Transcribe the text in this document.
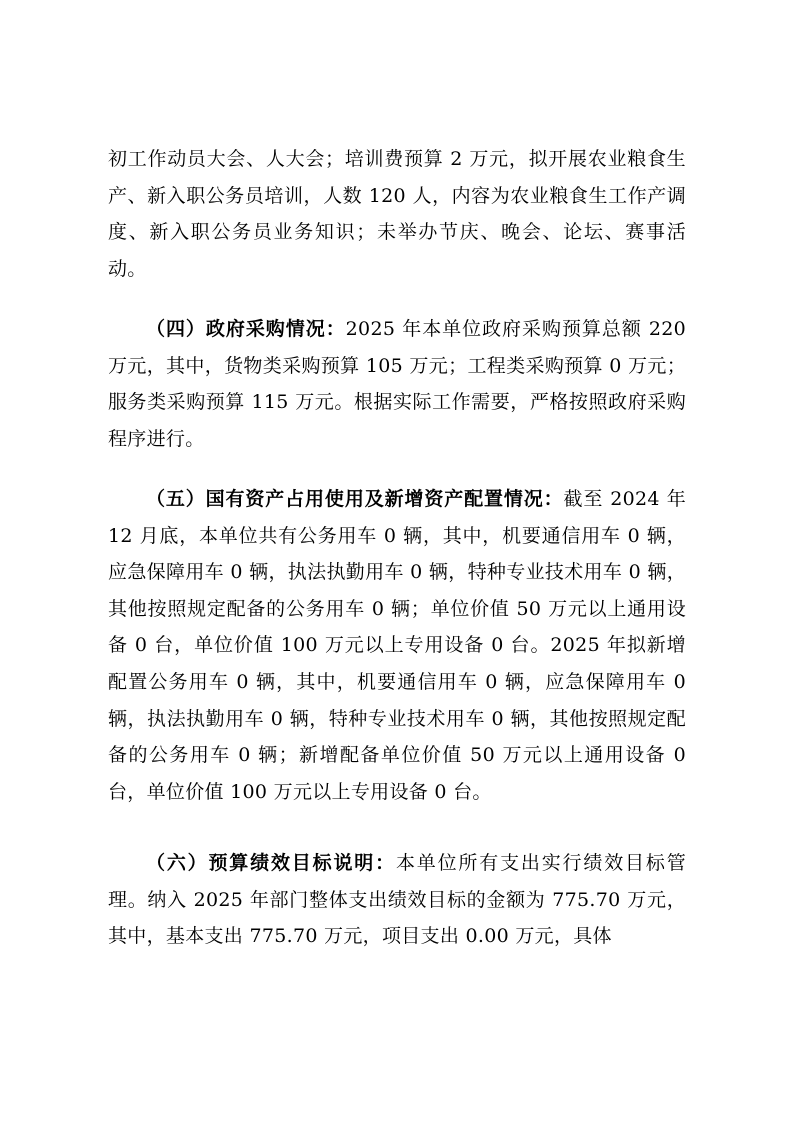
初工作动员大会、人大会；培训费预算 2 万元，拟开展农业粮食生产、新入职公务员培训，人数 120 人，内容为农业粮食生工作产调度、新入职公务员业务知识；未举办节庆、晚会、论坛、赛事活动。

（四）政府采购情况：2025 年本单位政府采购预算总额 220 万元，其中，货物类采购预算 105 万元；工程类采购预算 0 万元；服务类采购预算 115 万元。根据实际工作需要，严格按照政府采购程序进行。

（五）国有资产占用使用及新增资产配置情况：截至 2024 年 12 月底，本单位共有公务用车 0 辆，其中，机要通信用车 0 辆，应急保障用车 0 辆，执法执勤用车 0 辆，特种专业技术用车 0 辆，其他按照规定配备的公务用车 0 辆；单位价值 50 万元以上通用设备 0 台，单位价值 100 万元以上专用设备 0 台。2025 年拟新增配置公务用车 0 辆，其中，机要通信用车 0 辆，应急保障用车 0 辆，执法执勤用车 0 辆，特种专业技术用车 0 辆，其他按照规定配备的公务用车 0 辆；新增配备单位价值 50 万元以上通用设备 0 台，单位价值 100 万元以上专用设备 0 台。

（六）预算绩效目标说明：本单位所有支出实行绩效目标管理。纳入 2025 年部门整体支出绩效目标的金额为 775.70 万元，其中，基本支出 775.70 万元，项目支出 0.00 万元，具体
